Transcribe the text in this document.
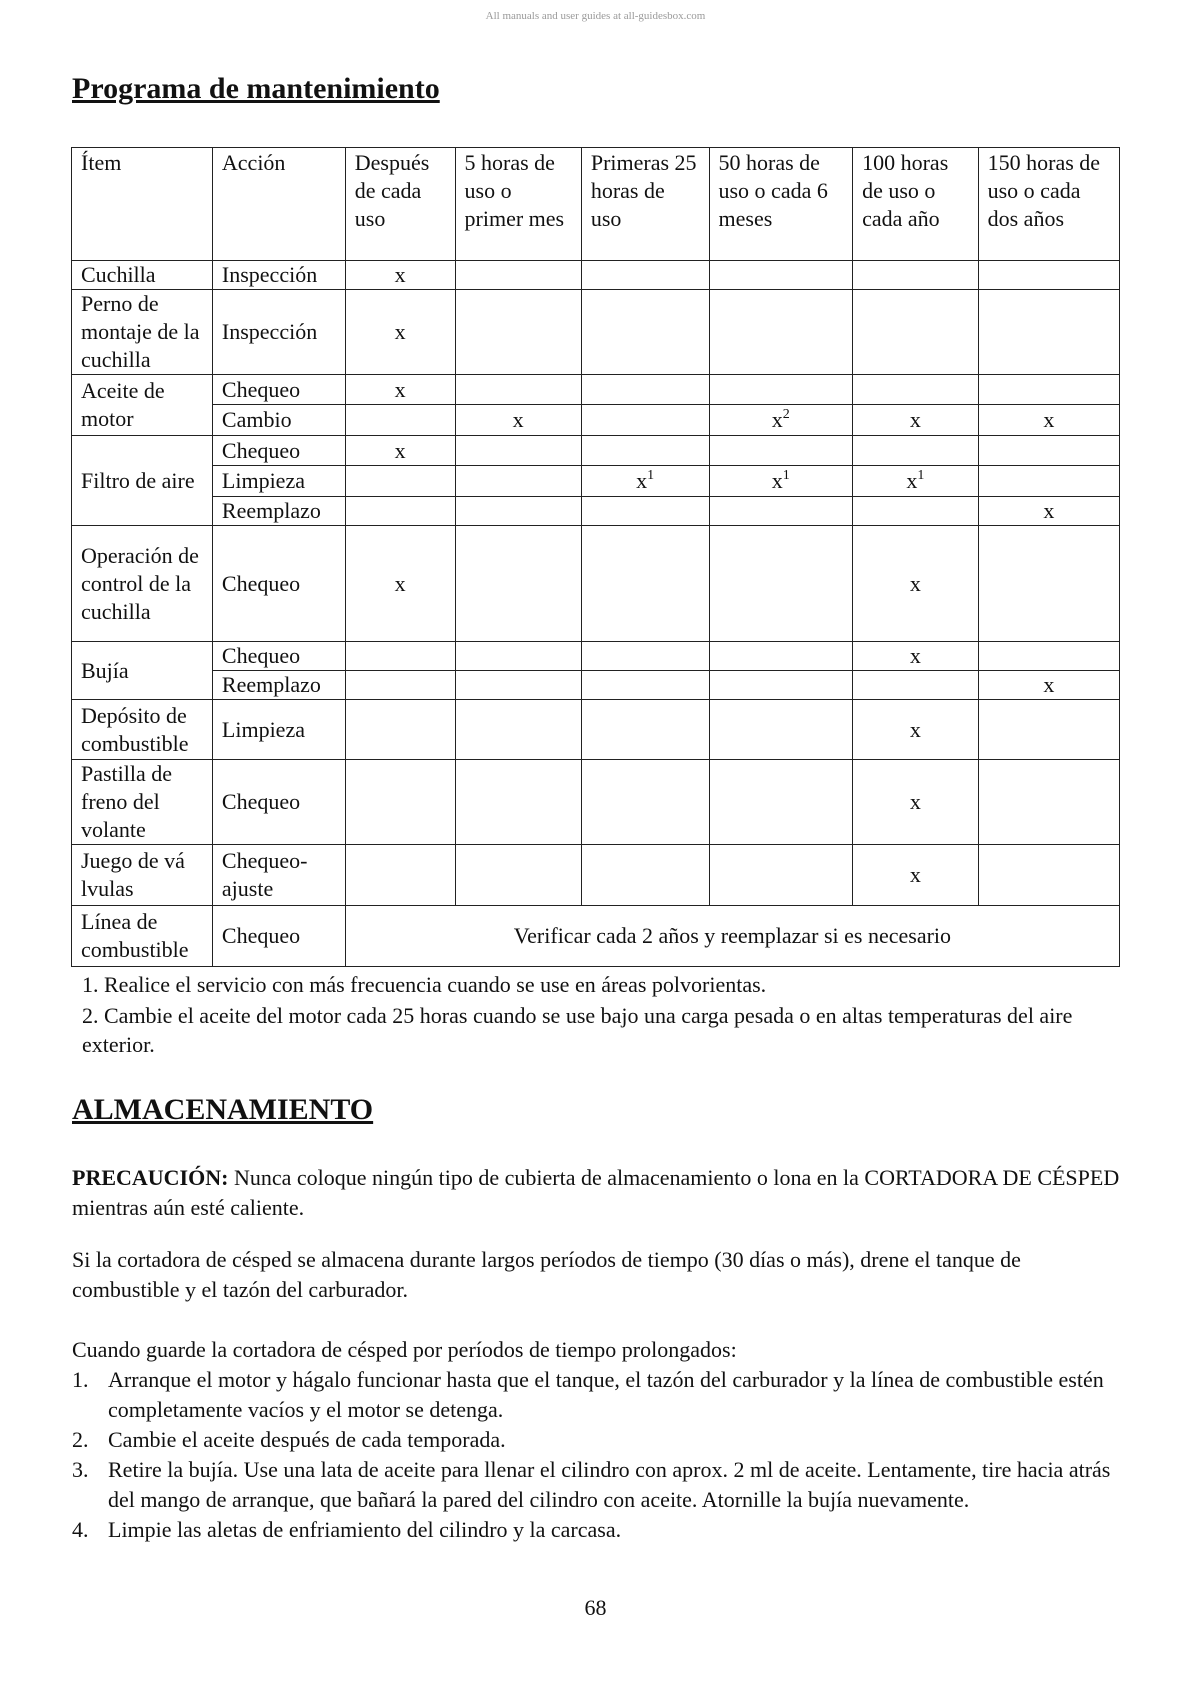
All manuals and user guides at all-guidesbox.com
Programa de mantenimiento
Ítem	Acción	Después de cada uso	5 horas de uso o primer mes	Primeras 25 horas de uso	50 horas de uso o cada 6 meses	100 horas de uso o cada año	150 horas de uso o cada dos años
Cuchilla	Inspección	x					
Perno de montaje de la cuchilla	Inspección	x					
Aceite de motor	Chequeo	x					
	Cambio		x		$x^2$	x	x
Filtro de aire	Chequeo	x					
	Limpieza			$x^1$	$x^1$	$x^1$	
	Reemplazo						x
Operación de control de la cuchilla	Chequeo	x				x	
Bujía	Chequeo					x	
	Reemplazo						x
Depósito de combustible	Limpieza					x	
Pastilla de freno del volante	Chequeo					x	
Juego de vá lvulas	Chequeo-ajuste					x	
Línea de combustible	Chequeo	Verificar cada 2 años y reemplazar si es necesario					

1. Realice el servicio con más frecuencia cuando se use en áreas polvorientas.

2. Cambie el aceite del motor cada 25 horas cuando se use bajo una carga pesada o en altas temperaturas del aire exterior.

ALMACENAMIENTO

PRECAUCIÓN: Nunca coloque ningún tipo de cubierta de almacenamiento o lona en la CORTADORA DE CÉSPED mientras aún esté caliente.

Si la cortadora de césped se almacena durante largos períodos de tiempo (30 días o más), drene el tanque de combustible y el tazón del carburador.

Cuando guarde la cortadora de césped por períodos de tiempo prolongados:

1. Arranque el motor y hágalo funcionar hasta que el tanque, el tazón del carburador y la línea de combustible estén completamente vacíos y el motor se detenga.
2. Cambie el aceite después de cada temporada.
3. Retire la bujía. Use una lata de aceite para llenar el cilindro con aprox. 2 ml de aceite. Lentamente, tire hacia atrás del mango de arranque, que bañará la pared del cilindro con aceite. Atornille la bujía nuevamente.
4. Limpie las aletas de enfriamiento del cilindro y la carcasa.
68
